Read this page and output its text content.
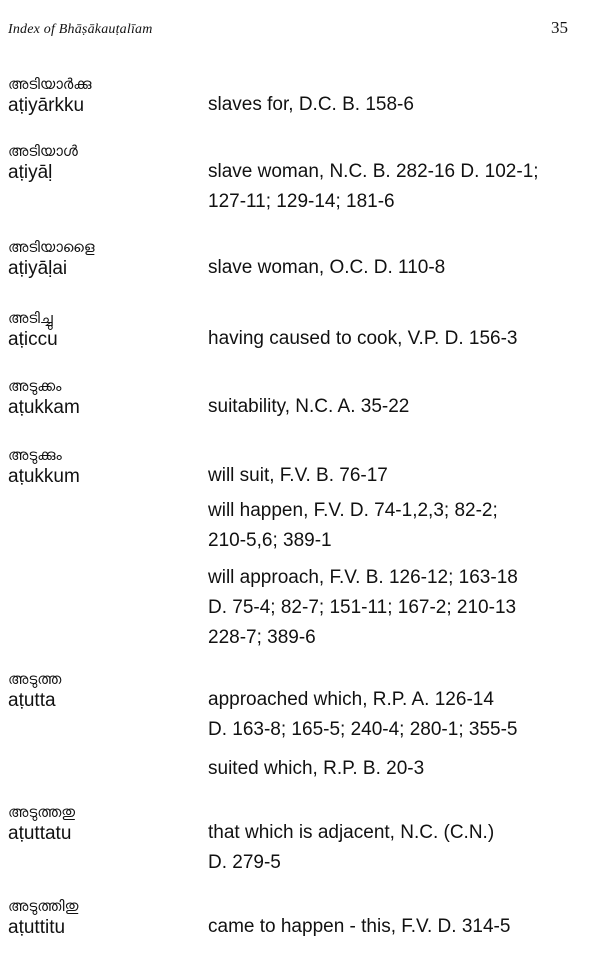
Index of Bhāṣākauṭalīam	35
അടിയാർക്കു
aṭiyārkku	slaves for, D.C. B. 158-6
അടിയാൾ
aṭiyāḷ	slave woman, N.C. B. 282-16 D. 102-1;
127-11; 129-14; 181-6
അടിയാളൈ
aṭiyāḷai	slave woman, O.C. D. 110-8
അടിച്ചു
aṭiccu	having caused to cook, V.P. D. 156-3
അടുക്കം
aṭukkam	suitability, N.C. A. 35-22
അടുക്കും
aṭukkum	will suit, F.V. B. 76-17
will happen, F.V. D. 74-1,2,3; 82-2;
210-5,6; 389-1
will approach, F.V. B. 126-12; 163-18
D. 75-4; 82-7; 151-11; 167-2; 210-13
228-7; 389-6
അടുത്ത
aṭutta	approached which, R.P. A. 126-14
D. 163-8; 165-5; 240-4; 280-1; 355-5
suited which, R.P. B. 20-3
അടുത്തതു
aṭuttatu	that which is adjacent, N.C. (C.N.)
D. 279-5
അടുത്തിതു
aṭuttitu	came to happen - this, F.V. D. 314-5
